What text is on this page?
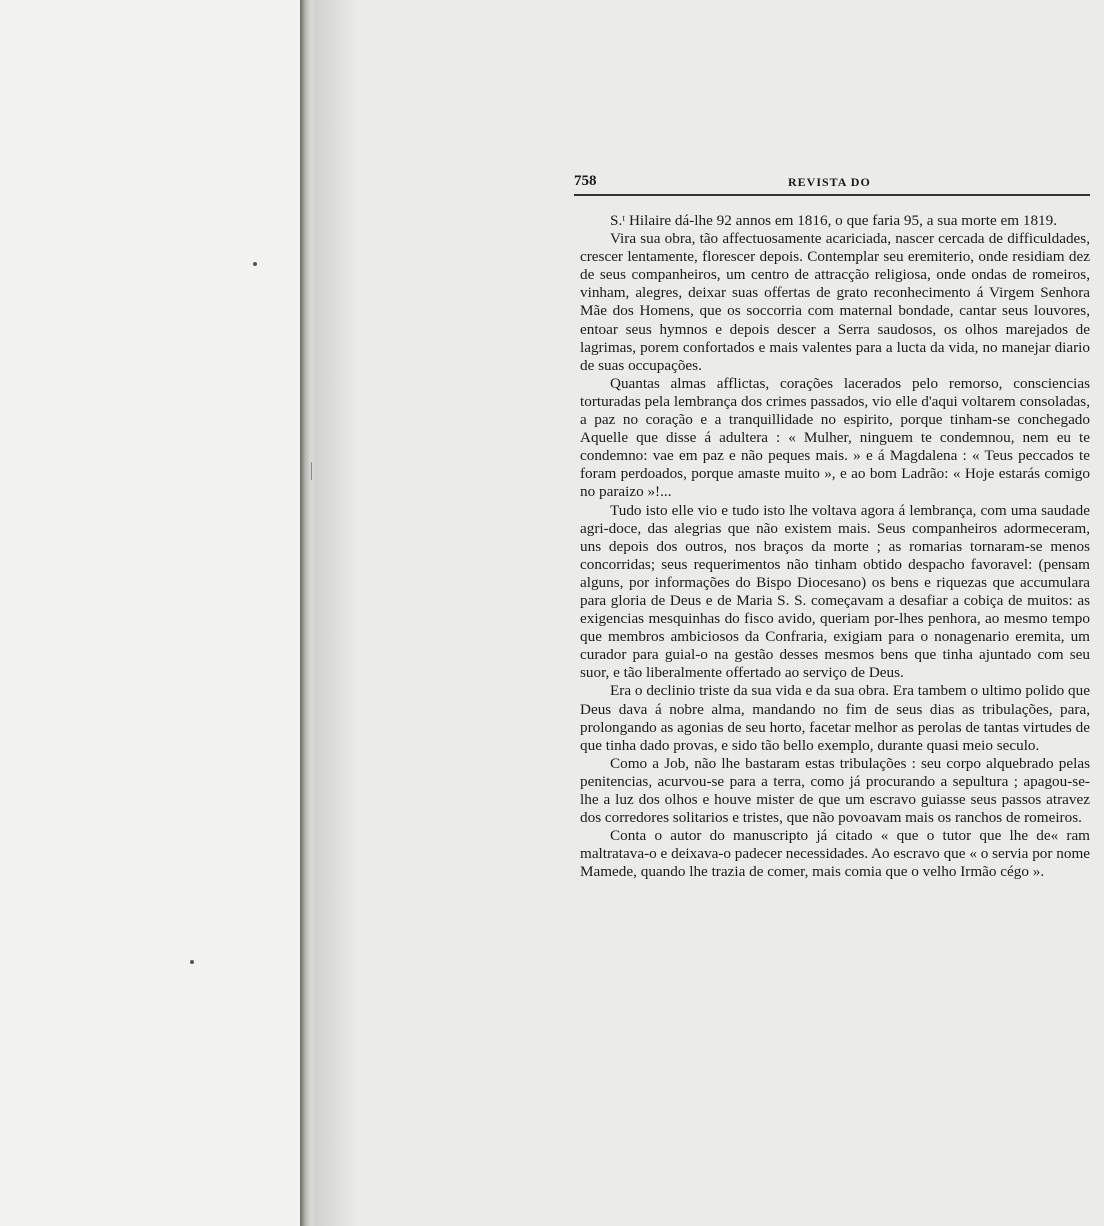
758	REVISTA DO

S.ᵗ Hilaire dá-lhe 92 annos em 1816, o que faria 95, a sua morte em 1819.

Vira sua obra, tão affectuosamente acariciada, nascer cercada de difficuldades, crescer lentamente, florescer depois. Contemplar seu eremiterio, onde residiam dez de seus companheiros, um centro de attracção religiosa, onde ondas de romeiros, vinham, alegres, deixar suas offertas de grato reconhecimento á Virgem Senhora Mãe dos Homens, que os soccorria com maternal bondade, cantar seus louvores, entoar seus hymnos e depois descer a Serra saudosos, os olhos marejados de lagrimas, porem confortados e mais valentes para a lucta da vida, no manejar diario de suas occupações.

Quantas almas afflictas, corações lacerados pelo remorso, consciencias torturadas pela lembrança dos crimes passados, vio elle d'aqui voltarem consoladas, a paz no coração e a tranquillidade no espirito, porque tinham-se conchegado Aquelle que disse á adultera : « Mulher, ninguem te condemnou, nem eu te condemno: vae em paz e não peques mais. » e á Magdalena : « Teus peccados te foram perdoados, porque amaste muito », e ao bom Ladrão: « Hoje estarás comigo no paraizo »!...

Tudo isto elle vio e tudo isto lhe voltava agora á lembrança, com uma saudade agri-doce, das alegrias que não existem mais. Seus companheiros adormeceram, uns depois dos outros, nos braços da morte ; as romarias tornaram-se menos concorridas; seus requerimentos não tinham obtido despacho favoravel: (pensam alguns, por informações do Bispo Diocesano) os bens e riquezas que accumulara para gloria de Deus e de Maria S. S. começavam a desafiar a cobiça de muitos: as exigencias mesquinhas do fisco avido, queriam por-lhes penhora, ao mesmo tempo que membros ambiciosos da Confraria, exigiam para o nonagenario eremita, um curador para guial-o na gestão desses mesmos bens que tinha ajuntado com seu suor, e tão liberalmente offertado ao serviço de Deus.

Era o declinio triste da sua vida e da sua obra. Era tambem o ultimo polido que Deus dava á nobre alma, mandando no fim de seus dias as tribulações, para, prolongando as agonias de seu horto, facetar melhor as perolas de tantas virtudes de que tinha dado provas, e sido tão bello exemplo, durante quasi meio seculo.

Como a Job, não lhe bastaram estas tribulações : seu corpo alquebrado pelas penitencias, acurvou-se para a terra, como já procurando a sepultura ; apagou-se-lhe a luz dos olhos e houve mister de que um escravo guiasse seus passos atravez dos corredores solitarios e tristes, que não povoavam mais os ranchos de romeiros.

Conta o autor do manuscripto já citado « que o tutor que lhe de« ram maltratava-o e deixava-o padecer necessidades. Ao escravo que « o servia por nome Mamede, quando lhe trazia de comer, mais comia que o velho Irmão cégo ».
